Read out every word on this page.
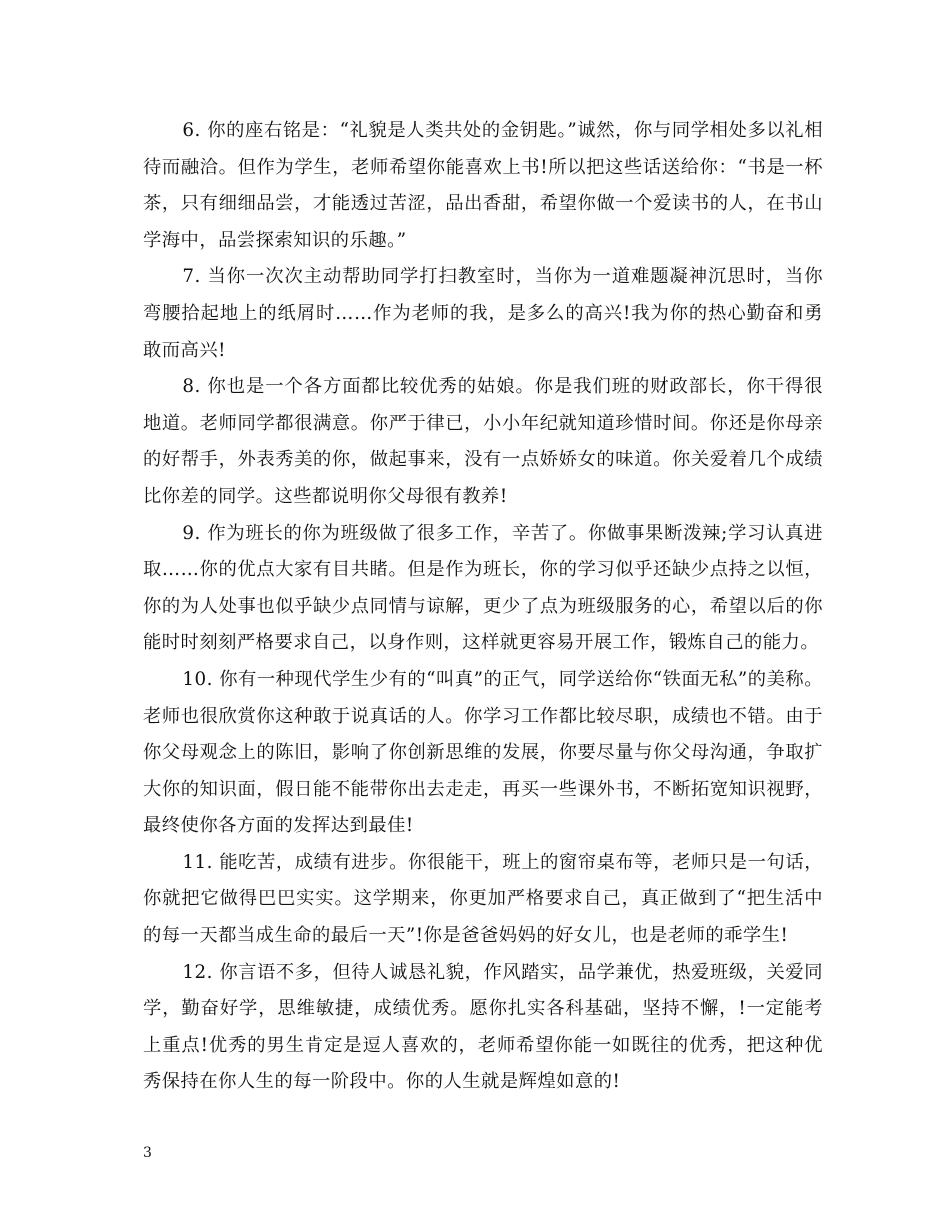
6. 你的座右铭是：“礼貌是人类共处的金钥匙。”诚然，你与同学相处多以礼相待而融洽。但作为学生，老师希望你能喜欢上书!所以把这些话送给你：“书是一杯茶，只有细细品尝，才能透过苦涩，品出香甜，希望你做一个爱读书的人，在书山学海中，品尝探索知识的乐趣。”

7. 当你一次次主动帮助同学打扫教室时，当你为一道难题凝神沉思时，当你弯腰拾起地上的纸屑时……作为老师的我，是多么的高兴!我为你的热心勤奋和勇敢而高兴!

8. 你也是一个各方面都比较优秀的姑娘。你是我们班的财政部长，你干得很地道。老师同学都很满意。你严于律已，小小年纪就知道珍惜时间。你还是你母亲的好帮手，外表秀美的你，做起事来，没有一点娇娇女的味道。你关爱着几个成绩比你差的同学。这些都说明你父母很有教养!

9. 作为班长的你为班级做了很多工作，辛苦了。你做事果断泼辣;学习认真进取……你的优点大家有目共睹。但是作为班长，你的学习似乎还缺少点持之以恒，你的为人处事也似乎缺少点同情与谅解，更少了点为班级服务的心，希望以后的你能时时刻刻严格要求自己，以身作则，这样就更容易开展工作，锻炼自己的能力。

10. 你有一种现代学生少有的“叫真”的正气，同学送给你“铁面无私”的美称。老师也很欣赏你这种敢于说真话的人。你学习工作都比较尽职，成绩也不错。由于你父母观念上的陈旧，影响了你创新思维的发展，你要尽量与你父母沟通，争取扩大你的知识面，假日能不能带你出去走走，再买一些课外书，不断拓宽知识视野，最终使你各方面的发挥达到最佳!

11. 能吃苦，成绩有进步。你很能干，班上的窗帘桌布等，老师只是一句话，你就把它做得巴巴实实。这学期来，你更加严格要求自己，真正做到了“把生活中的每一天都当成生命的最后一天”!你是爸爸妈妈的好女儿，也是老师的乖学生!

12. 你言语不多，但待人诚恳礼貌，作风踏实，品学兼优，热爱班级，关爱同学，勤奋好学，思维敏捷，成绩优秀。愿你扎实各科基础，坚持不懈，!一定能考上重点!优秀的男生肯定是逗人喜欢的，老师希望你能一如既往的优秀，把这种优秀保持在你人生的每一阶段中。你的人生就是辉煌如意的!

3
